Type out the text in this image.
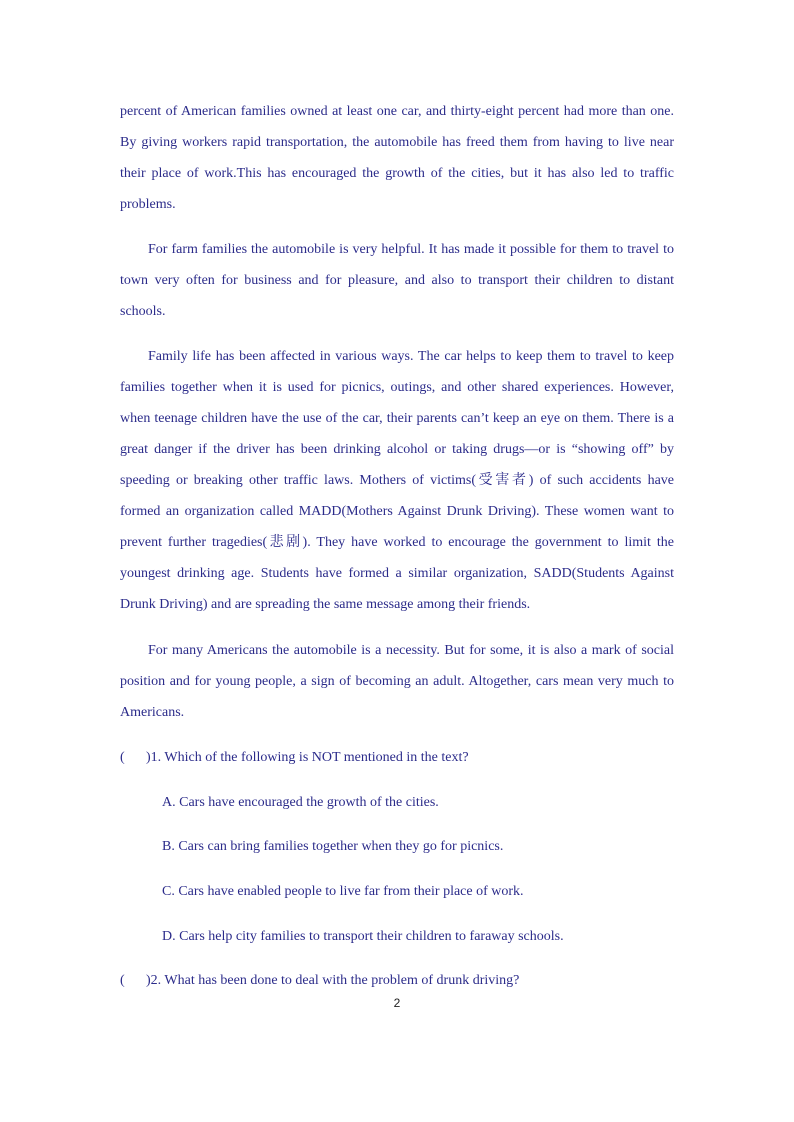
percent of American families owned at least one car, and thirty-eight percent had more than one. By giving workers rapid transportation, the automobile has freed them from having to live near their place of work.This has encouraged the growth of the cities, but it has also led to traffic problems.

For farm families the automobile is very helpful. It has made it possible for them to travel to town very often for business and for pleasure, and also to transport their children to distant schools.

Family life has been affected in various ways. The car helps to keep them to travel to keep families together when it is used for picnics, outings, and other shared experiences. However, when teenage children have the use of the car, their parents can’t keep an eye on them. There is a great danger if the driver has been drinking alcohol or taking drugs—or is “showing off” by speeding or breaking other traffic laws. Mothers of victims(受害者) of such accidents have formed an organization called MADD(Mothers Against Drunk Driving). These women want to prevent further tragedies(悲剧). They have worked to encourage the government to limit the youngest drinking age. Students have formed a similar organization, SADD(Students Against Drunk Driving) and are spreading the same message among their friends.

For many Americans the automobile is a necessity. But for some, it is also a mark of social position and for young people, a sign of becoming an adult. Altogether, cars mean very much to Americans.

( )1. Which of the following is NOT mentioned in the text?
A. Cars have encouraged the growth of the cities.
B. Cars can bring families together when they go for picnics.
C. Cars have enabled people to live far from their place of work.
D. Cars help city families to transport their children to faraway schools.
( )2. What has been done to deal with the problem of drunk driving?
2
